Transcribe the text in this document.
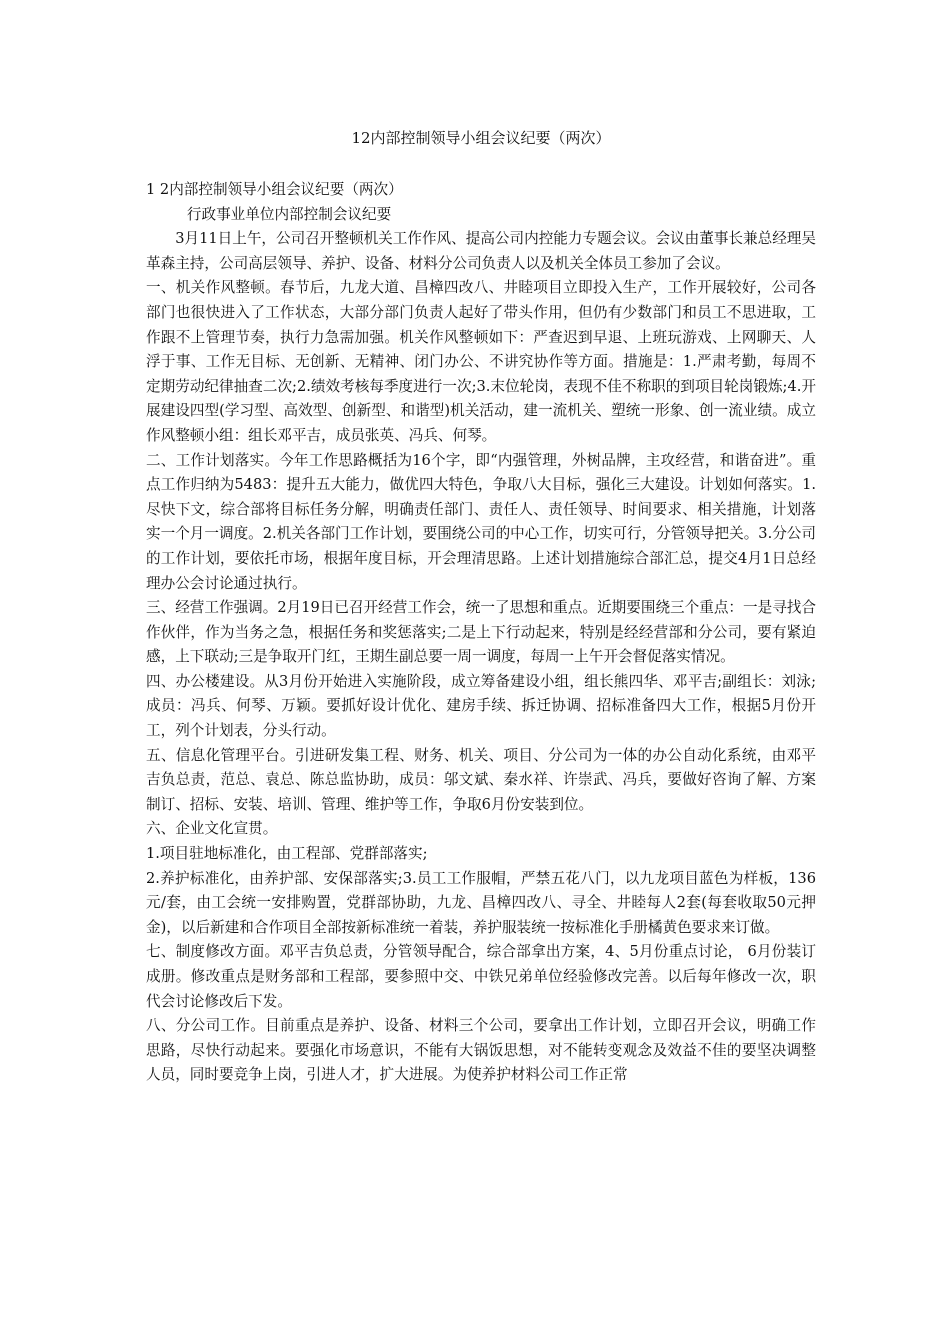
12内部控制领导小组会议纪要（两次）

1 2内部控制领导小组会议纪要（两次）

行政事业单位内部控制会议纪要

3月11日上午，公司召开整顿机关工作作风、提高公司内控能力专题会议。会议由董事长兼总经理吴革森主持，公司高层领导、养护、设备、材料分公司负责人以及机关全体员工参加了会议。

一、机关作风整顿。春节后，九龙大道、昌樟四改八、井睦项目立即投入生产，工作开展较好，公司各部门也很快进入了工作状态，大部分部门负责人起好了带头作用，但仍有少数部门和员工不思进取，工作跟不上管理节奏，执行力急需加强。机关作风整顿如下：严查迟到早退、上班玩游戏、上网聊天、人浮于事、工作无目标、无创新、无精神、闭门办公、不讲究协作等方面。措施是：1.严肃考勤，每周不定期劳动纪律抽查二次;2.绩效考核每季度进行一次;3.末位轮岗，表现不佳不称职的到项目轮岗锻炼;4.开展建设四型(学习型、高效型、创新型、和谐型)机关活动，建一流机关、塑统一形象、创一流业绩。成立作风整顿小组：组长邓平吉，成员张英、冯兵、何琴。

二、工作计划落实。今年工作思路概括为16个字，即“内强管理，外树品牌，主攻经营，和谐奋进”。重点工作归纳为5483：提升五大能力，做优四大特色，争取八大目标，强化三大建设。计划如何落实。1.尽快下文，综合部将目标任务分解，明确责任部门、责任人、责任领导、时间要求、相关措施，计划落实一个月一调度。2.机关各部门工作计划，要围绕公司的中心工作，切实可行，分管领导把关。3.分公司的工作计划，要依托市场，根据年度目标，开会理清思路。上述计划措施综合部汇总，提交4月1日总经理办公会讨论通过执行。

三、经营工作强调。2月19日已召开经营工作会，统一了思想和重点。近期要围绕三个重点：一是寻找合作伙伴，作为当务之急，根据任务和奖惩落实;二是上下行动起来，特别是经经营部和分公司，要有紧迫感，上下联动;三是争取开门红，王期生副总要一周一调度，每周一上午开会督促落实情况。

四、办公楼建设。从3月份开始进入实施阶段，成立筹备建设小组，组长熊四华、邓平吉;副组长：刘泳;成员：冯兵、何琴、万颖。要抓好设计优化、建房手续、拆迁协调、招标准备四大工作，根据5月份开工，列个计划表，分头行动。

五、信息化管理平台。引进研发集工程、财务、机关、项目、分公司为一体的办公自动化系统，由邓平吉负总责，范总、袁总、陈总监协助，成员：邬文斌、秦水祥、许崇武、冯兵，要做好咨询了解、方案制订、招标、安装、培训、管理、维护等工作，争取6月份安装到位。

六、企业文化宣贯。

1.项目驻地标准化，由工程部、党群部落实;

2.养护标准化，由养护部、安保部落实;3.员工工作服帽，严禁五花八门，以九龙项目蓝色为样板，136元/套，由工会统一安排购置，党群部协助，九龙、昌樟四改八、寻全、井睦每人2套(每套收取50元押金)，以后新建和合作项目全部按新标准统一着装，养护服装统一按标准化手册橘黄色要求来订做。

七、制度修改方面。邓平吉负总责，分管领导配合，综合部拿出方案，4、5月份重点讨论， 6月份装订成册。修改重点是财务部和工程部，要参照中交、中铁兄弟单位经验修改完善。以后每年修改一次，职代会讨论修改后下发。

八、分公司工作。目前重点是养护、设备、材料三个公司，要拿出工作计划，立即召开会议，明确工作思路，尽快行动起来。要强化市场意识，不能有大锅饭思想，对不能转变观念及效益不佳的要坚决调整人员，同时要竞争上岗，引进人才，扩大进展。为使养护材料公司工作正常
